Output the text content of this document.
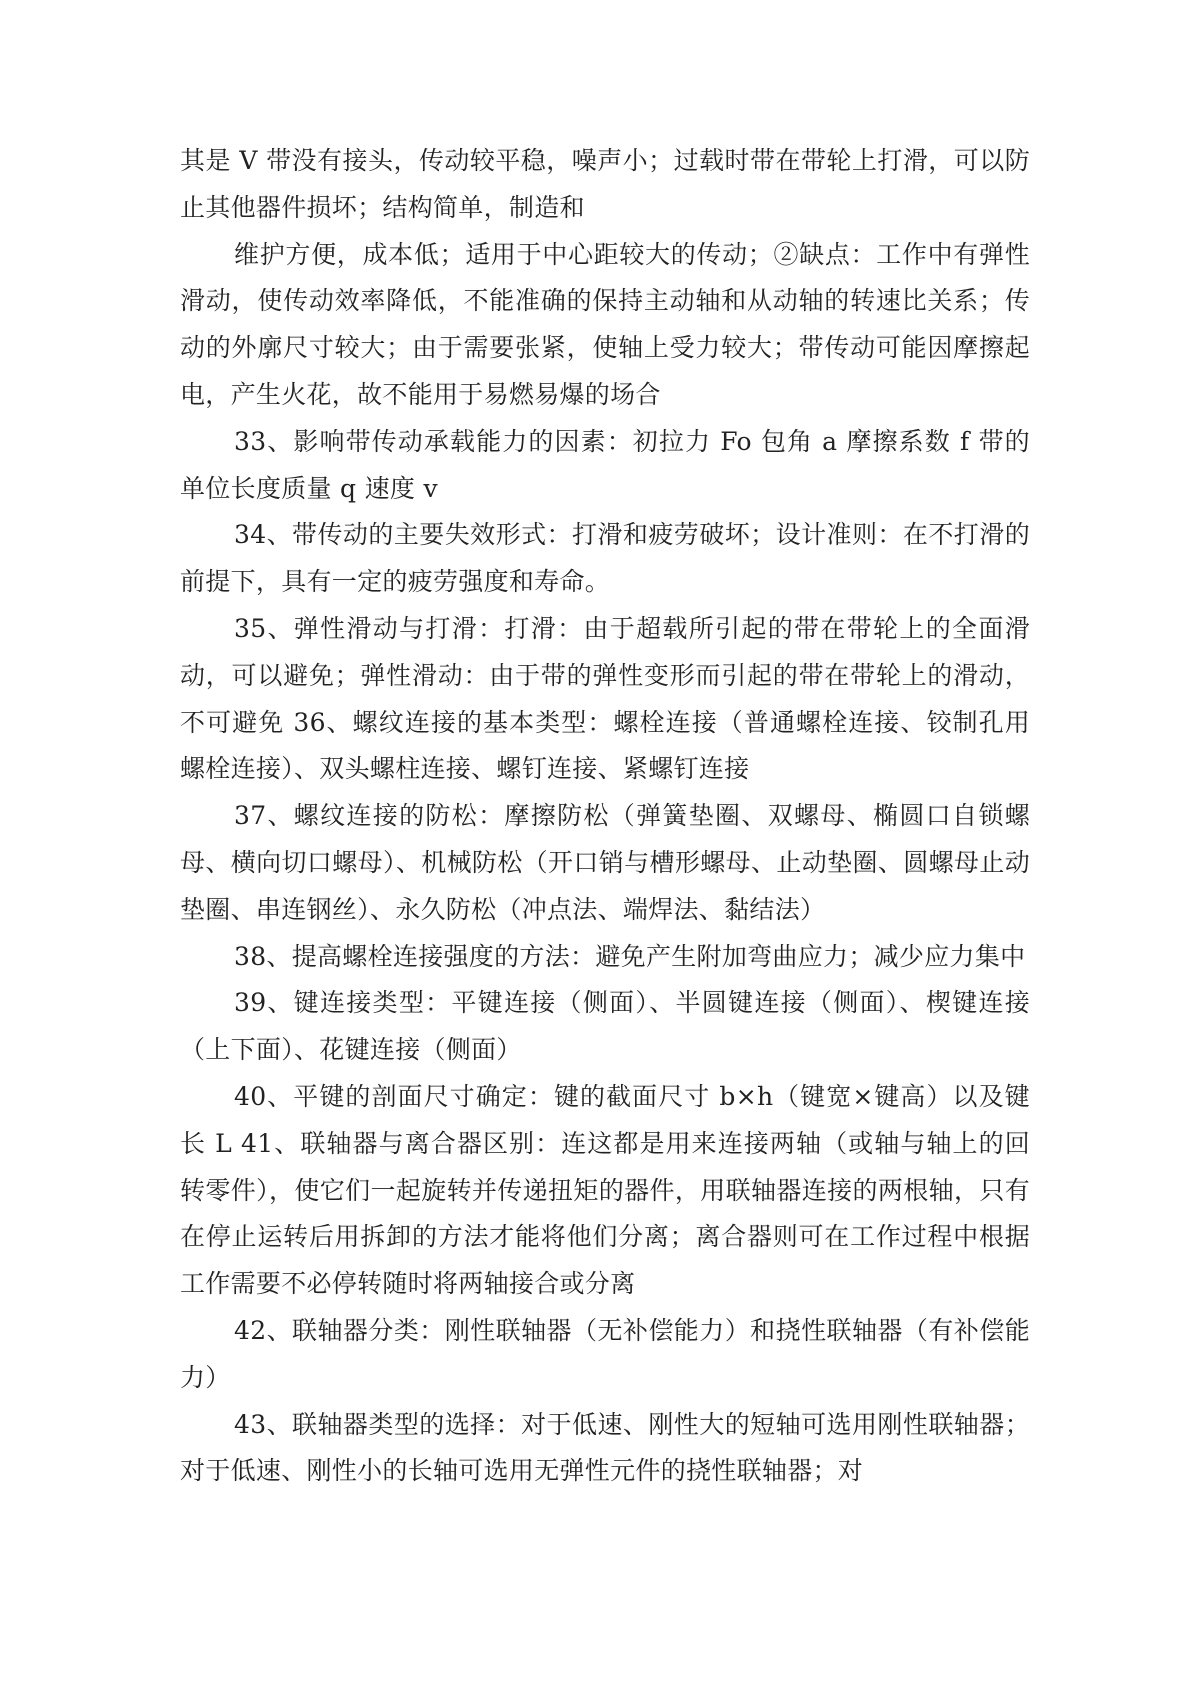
其是 V 带没有接头，传动较平稳，噪声小；过载时带在带轮上打滑，可以防止其他器件损坏；结构简单，制造和

维护方便，成本低；适用于中心距较大的传动；②缺点：工作中有弹性滑动，使传动效率降低，不能准确的保持主动轴和从动轴的转速比关系；传动的外廓尺寸较大；由于需要张紧，使轴上受力较大；带传动可能因摩擦起电，产生火花，故不能用于易燃易爆的场合

33、影响带传动承载能力的因素：初拉力 Fo 包角 a 摩擦系数 f 带的单位长度质量 q 速度 v

34、带传动的主要失效形式：打滑和疲劳破坏；设计准则：在不打滑的前提下，具有一定的疲劳强度和寿命。

35、弹性滑动与打滑：打滑：由于超载所引起的带在带轮上的全面滑动，可以避免；弹性滑动：由于带的弹性变形而引起的带在带轮上的滑动，不可避免 36、螺纹连接的基本类型：螺栓连接（普通螺栓连接、铰制孔用螺栓连接）、双头螺柱连接、螺钉连接、紧螺钉连接

37、螺纹连接的防松：摩擦防松（弹簧垫圈、双螺母、椭圆口自锁螺母、横向切口螺母）、机械防松（开口销与槽形螺母、止动垫圈、圆螺母止动垫圈、串连钢丝）、永久防松（冲点法、端焊法、黏结法）

38、提高螺栓连接强度的方法：避免产生附加弯曲应力；减少应力集中

39、键连接类型：平键连接（侧面）、半圆键连接（侧面）、楔键连接（上下面）、花键连接（侧面）

40、平键的剖面尺寸确定：键的截面尺寸 b×h（键宽×键高）以及键长 L 41、联轴器与离合器区别：连这都是用来连接两轴（或轴与轴上的回转零件），使它们一起旋转并传递扭矩的器件，用联轴器连接的两根轴，只有在停止运转后用拆卸的方法才能将他们分离；离合器则可在工作过程中根据工作需要不必停转随时将两轴接合或分离

42、联轴器分类：刚性联轴器（无补偿能力）和挠性联轴器（有补偿能力）

43、联轴器类型的选择：对于低速、刚性大的短轴可选用刚性联轴器；对于低速、刚性小的长轴可选用无弹性元件的挠性联轴器；对
